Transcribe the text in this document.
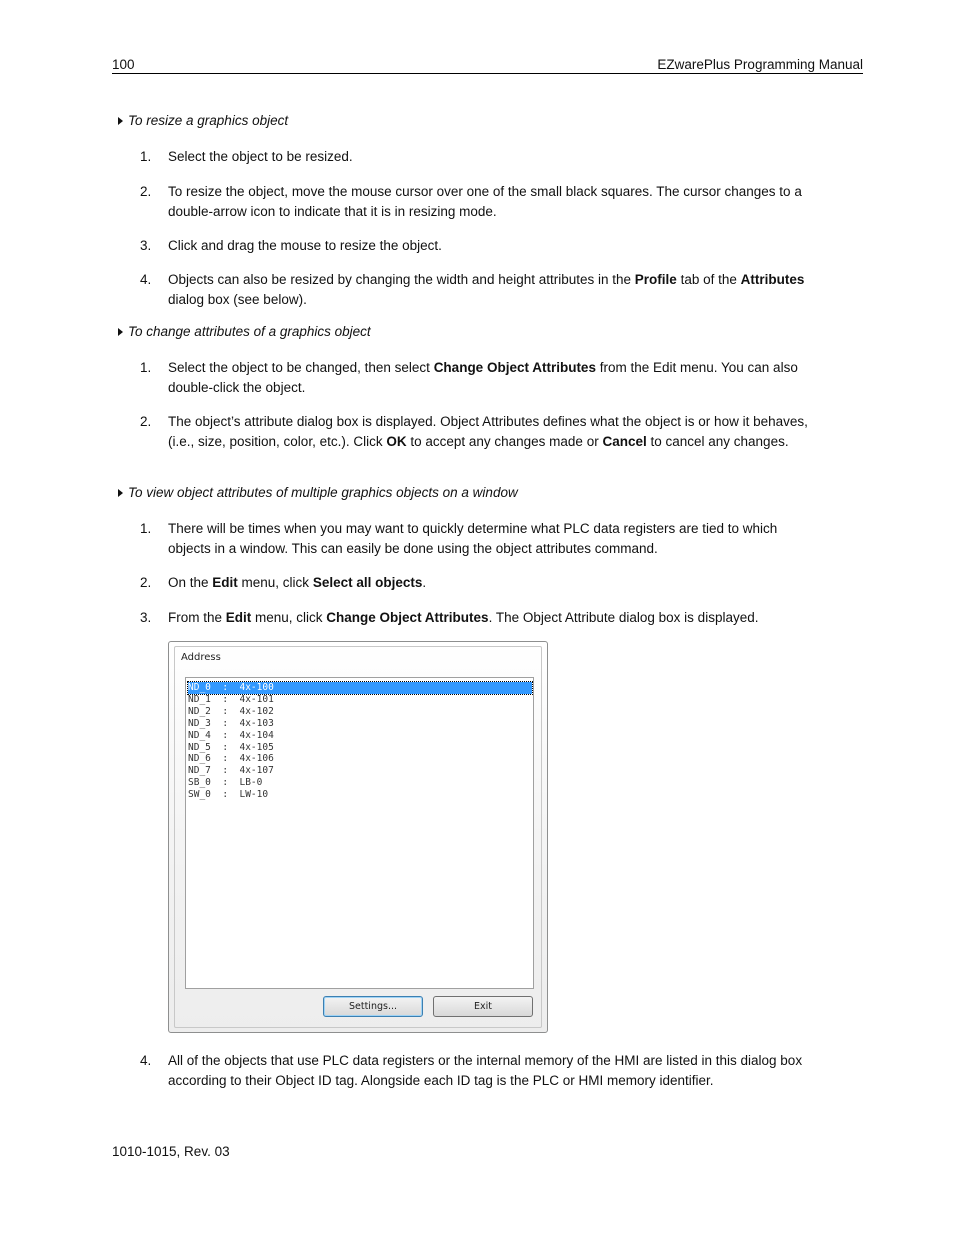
100	EZwarePlus Programming Manual
To resize a graphics object
1. Select the object to be resized.
2. To resize the object, move the mouse cursor over one of the small black squares. The cursor changes to a double-arrow icon to indicate that it is in resizing mode.
3. Click and drag the mouse to resize the object.
4. Objects can also be resized by changing the width and height attributes in the Profile tab of the Attributes dialog box (see below).
To change attributes of a graphics object
1. Select the object to be changed, then select Change Object Attributes from the Edit menu. You can also double-click the object.
2. The object’s attribute dialog box is displayed. Object Attributes defines what the object is or how it behaves, (i.e., size, position, color, etc.). Click OK to accept any changes made or Cancel to cancel any changes.
To view object attributes of multiple graphics objects on a window
1. There will be times when you may want to quickly determine what PLC data registers are tied to which objects in a window. This can easily be done using the object attributes command.
2. On the Edit menu, click Select all objects.
3. From the Edit menu, click Change Object Attributes. The Object Attribute dialog box is displayed.
Address
ND_0  :  4x-100
ND_1  :  4x-101
ND_2  :  4x-102
ND_3  :  4x-103
ND_4  :  4x-104
ND_5  :  4x-105
ND_6  :  4x-106
ND_7  :  4x-107
SB_0  :  LB-0
SW_0  :  LW-10
Settings...	Exit
4. All of the objects that use PLC data registers or the internal memory of the HMI are listed in this dialog box according to their Object ID tag. Alongside each ID tag is the PLC or HMI memory identifier.
1010-1015, Rev. 03
